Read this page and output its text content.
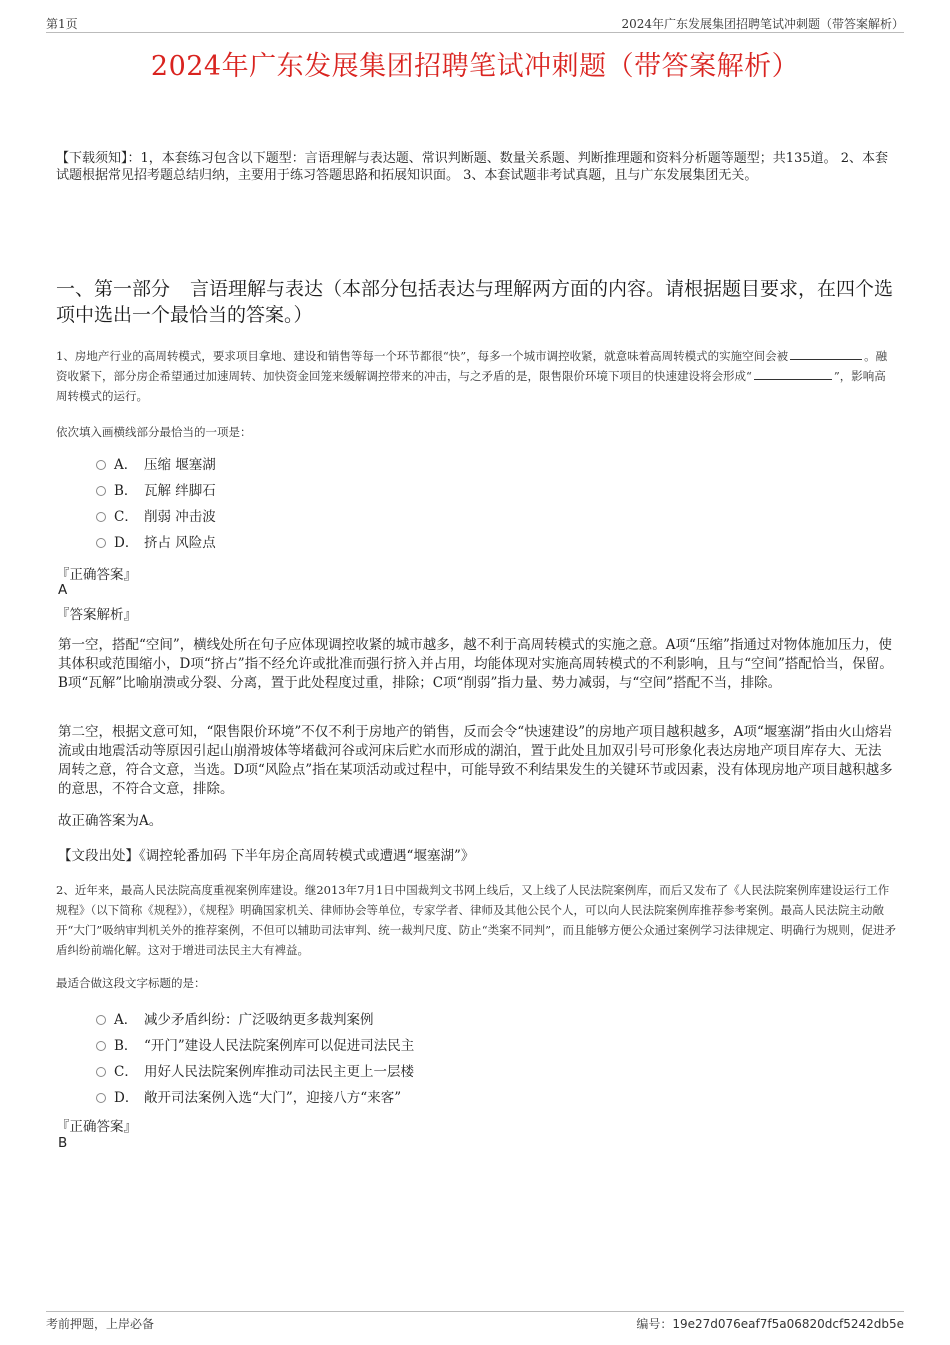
第1页	2024年广东发展集团招聘笔试冲刺题（带答案解析）
2024年广东发展集团招聘笔试冲刺题（带答案解析）

【下载须知】：1，本套练习包含以下题型：言语理解与表达题、常识判断题、数量关系题、判断推理题和资料分析题等题型；共135道。 2、本套试题根据常见招考题总结归纳，主要用于练习答题思路和拓展知识面。 3、本套试题非考试真题，且与广东发展集团无关。

一、第一部分 言语理解与表达（本部分包括表达与理解两方面的内容。请根据题目要求，在四个选项中选出一个最恰当的答案。）

1、房地产行业的高周转模式，要求项目拿地、建设和销售等每一个环节都很“快”，每多一个城市调控收紧，就意味着高周转模式的实施空间会被	。融资收紧下，部分房企希望通过加速周转、加快资金回笼来缓解调控带来的冲击，与之矛盾的是，限售限价环境下项目的快速建设将会形成“	”，影响高周转模式的运行。

依次填入画横线部分最恰当的一项是：

A． 压缩 堰塞湖
B． 瓦解 绊脚石
C． 削弱 冲击波
D． 挤占 风险点
『正确答案』
A
『答案解析』

第一空，搭配“空间”，横线处所在句子应体现调控收紧的城市越多，越不利于高周转模式的实施之意。A项“压缩”指通过对物体施加压力，使其体积或范围缩小，D项“挤占”指不经允许或批准而强行挤入并占用，均能体现对实施高周转模式的不利影响，且与“空间”搭配恰当，保留。B项“瓦解”比喻崩溃或分裂、分离，置于此处程度过重，排除；C项“削弱”指力量、势力减弱，与“空间”搭配不当，排除。

第二空，根据文意可知，“限售限价环境”不仅不利于房地产的销售，反而会令“快速建设”的房地产项目越积越多，A项“堰塞湖”指由火山熔岩流或由地震活动等原因引起山崩滑坡体等堵截河谷或河床后贮水而形成的湖泊，置于此处且加双引号可形象化表达房地产项目库存大、无法周转之意，符合文意，当选。D项“风险点”指在某项活动或过程中，可能导致不利结果发生的关键环节或因素，没有体现房地产项目越积越多的意思，不符合文意，排除。

故正确答案为A。

【文段出处】《调控轮番加码 下半年房企高周转模式或遭遇“堰塞湖”》

2、近年来，最高人民法院高度重视案例库建设。继2013年7月1日中国裁判文书网上线后，又上线了人民法院案例库，而后又发布了《人民法院案例库建设运行工作规程》（以下简称《规程》），《规程》明确国家机关、律师协会等单位，专家学者、律师及其他公民个人，可以向人民法院案例库推荐参考案例。最高人民法院主动敞开“大门”吸纳审判机关外的推荐案例，不但可以辅助司法审判、统一裁判尺度、防止“类案不同判”，而且能够方便公众通过案例学习法律规定、明确行为规则，促进矛盾纠纷前端化解。这对于增进司法民主大有裨益。

最适合做这段文字标题的是：

A． 减少矛盾纠纷：广泛吸纳更多裁判案例
B． “开门”建设人民法院案例库可以促进司法民主
C． 用好人民法院案例库推动司法民主更上一层楼
D． 敞开司法案例入选“大门”，迎接八方“来客”
『正确答案』
B
考前押题，上岸必备	编号：19e27d076eaf7f5a06820dcf5242db5e
